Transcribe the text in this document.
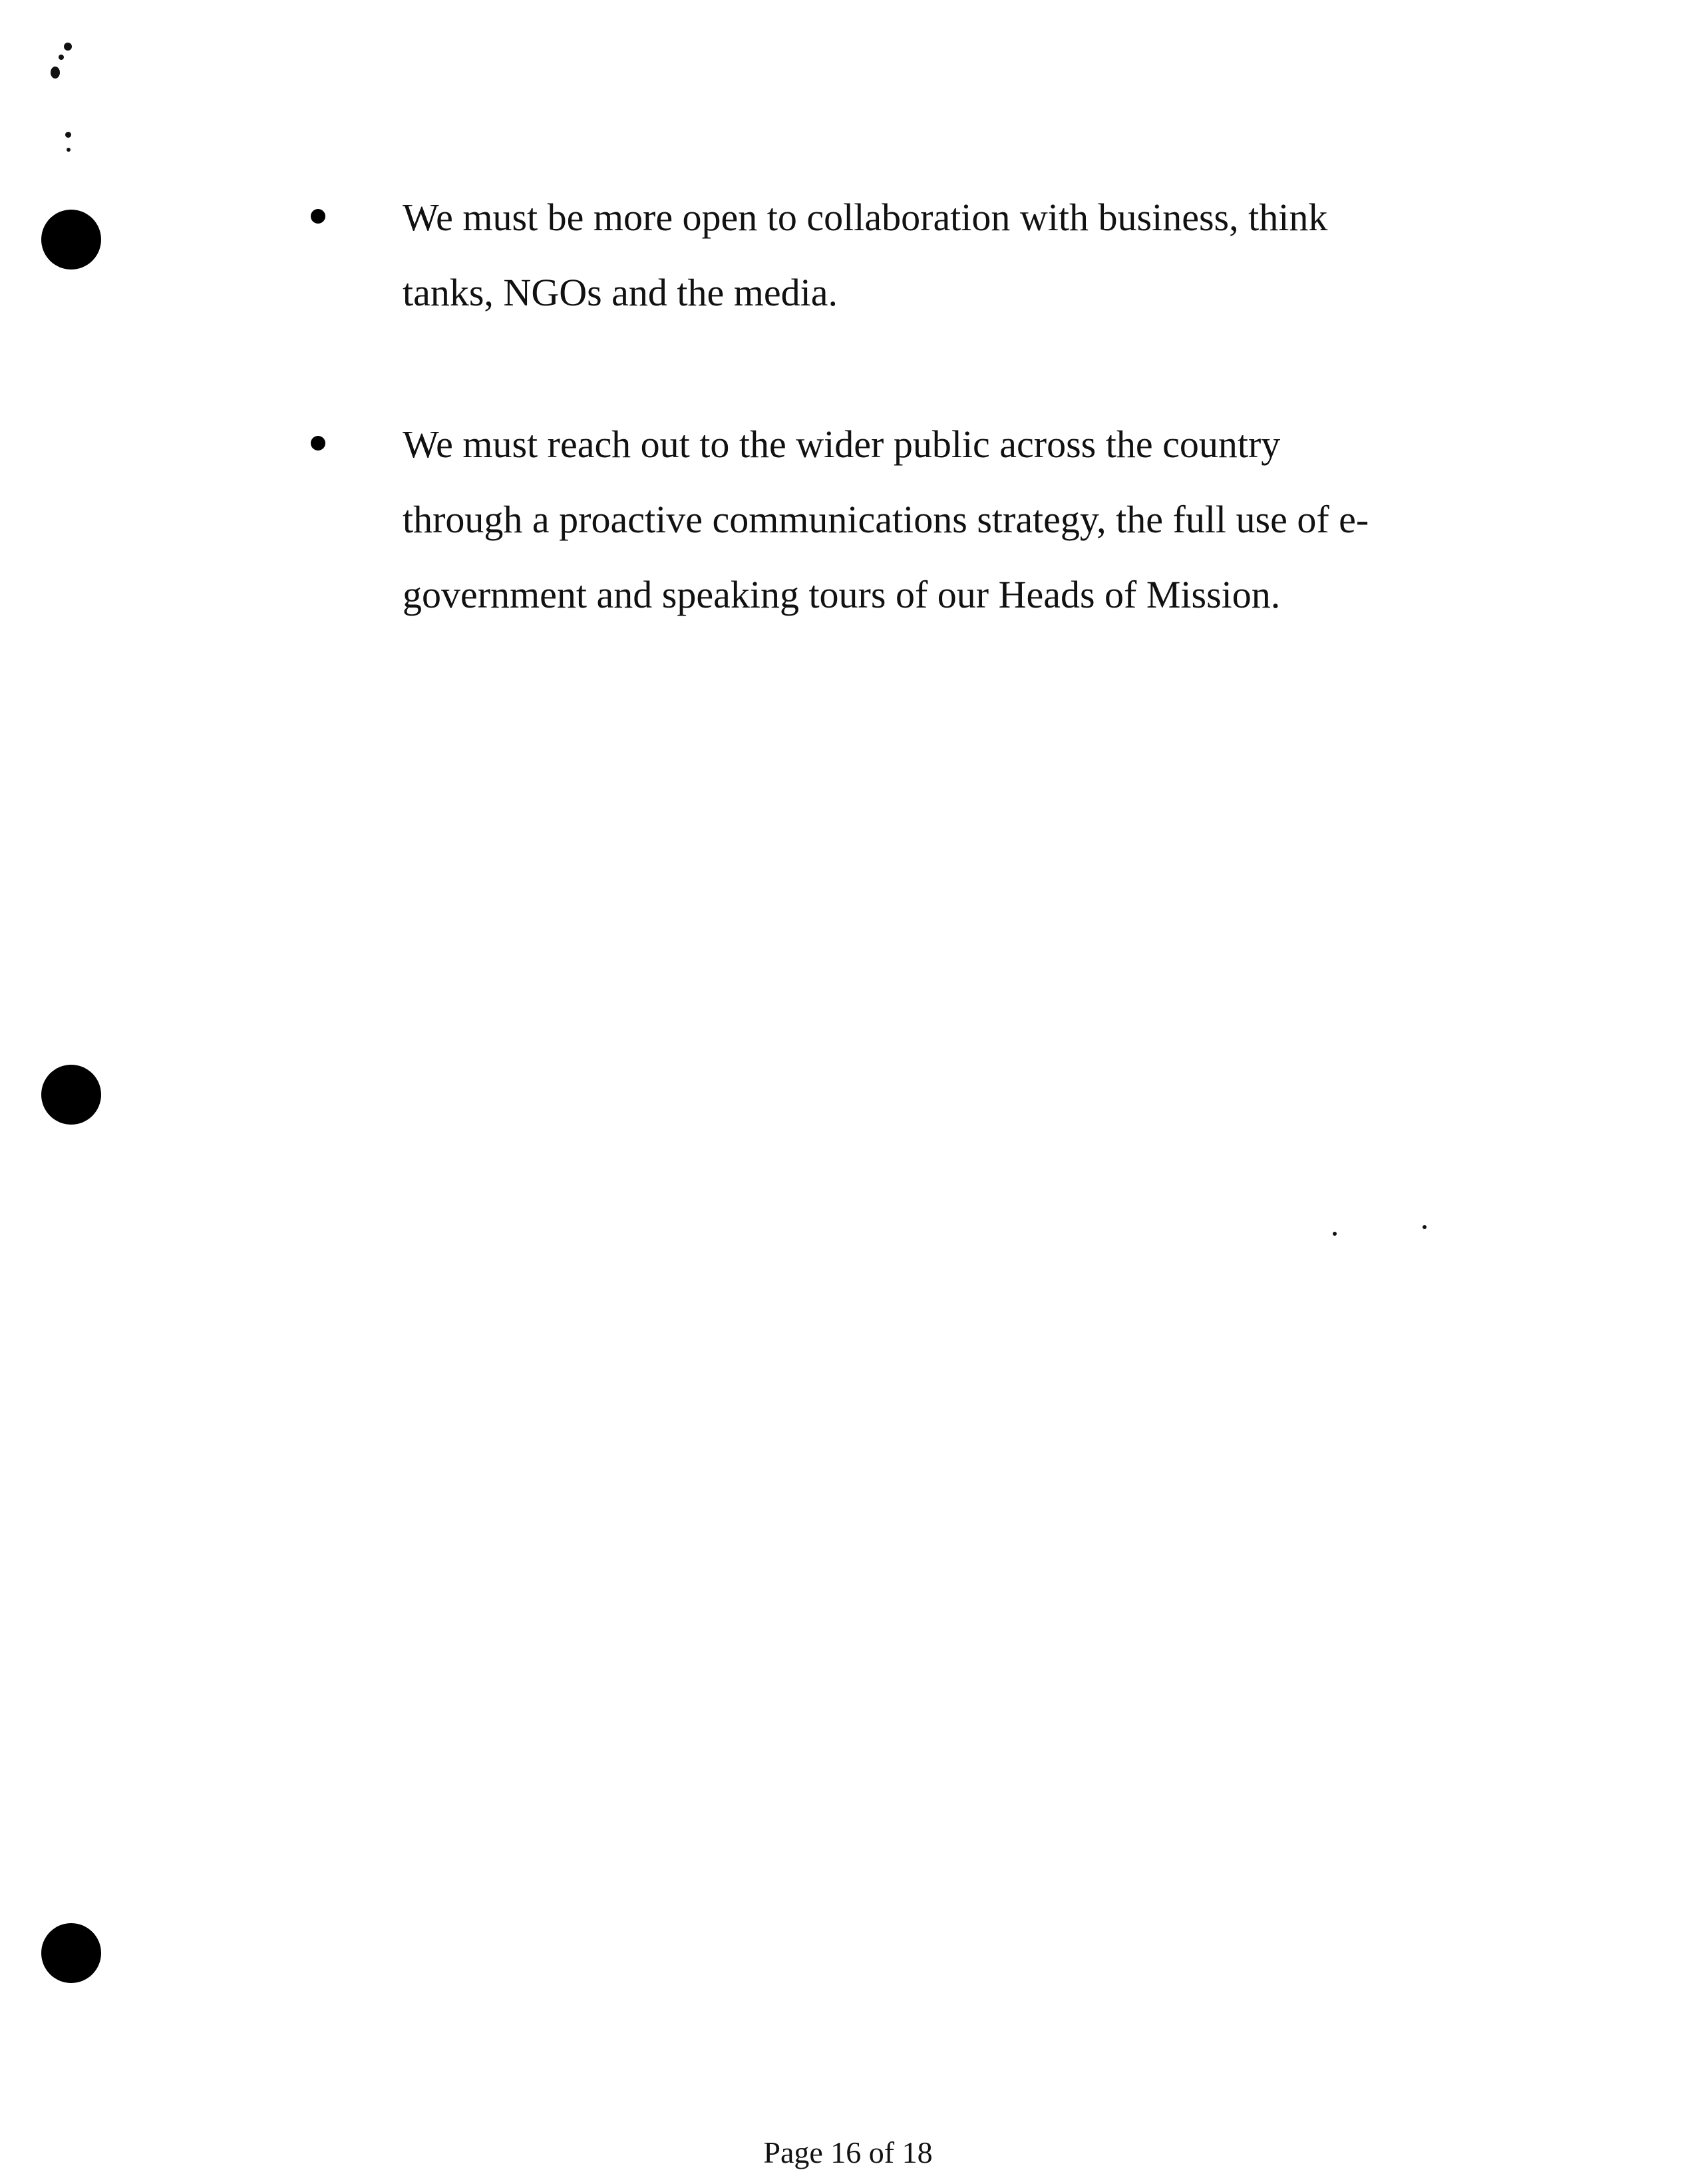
We must be more open to collaboration with business, think
tanks, NGOs and the media.
We must reach out to the wider public across the country
through a proactive communications strategy, the full use of e-
government and speaking tours of our Heads of Mission.
Page 16 of 18
